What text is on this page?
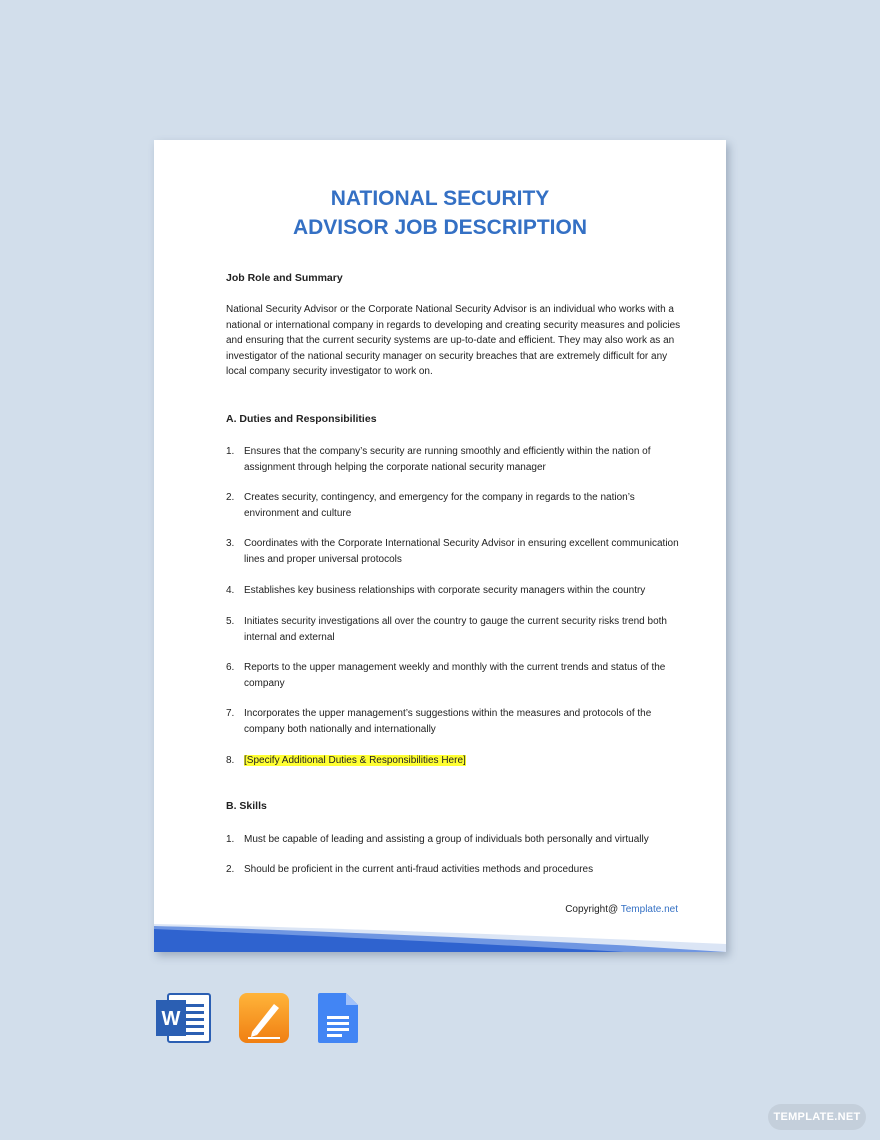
NATIONAL SECURITY
ADVISOR JOB DESCRIPTION
Job Role and Summary
National Security Advisor or the Corporate National Security Advisor is an individual who works with a national or international company in regards to developing and creating security measures and policies and ensuring that the current security systems are up-to-date and efficient. They may also work as an investigator of the national security manager on security breaches that are extremely difficult for any local company security investigator to work on.
A. Duties and Responsibilities
1. Ensures that the company’s security are running smoothly and efficiently within the nation of assignment through helping the corporate national security manager
2. Creates security, contingency, and emergency for the company in regards to the nation’s environment and culture
3. Coordinates with the Corporate International Security Advisor in ensuring excellent communication lines and proper universal protocols
4. Establishes key business relationships with corporate security managers within the country
5. Initiates security investigations all over the country to gauge the current security risks trend both internal and external
6. Reports to the upper management weekly and monthly with the current trends and status of the company
7. Incorporates the upper management’s suggestions within the measures and protocols of the company both nationally and internationally
8. [Specify Additional Duties & Responsibilities Here]
B. Skills
1. Must be capable of leading and assisting a group of individuals both personally and virtually
2. Should be proficient in the current anti-fraud activities methods and procedures
Copyright@ Template.net
W
TEMPLATE.NET
